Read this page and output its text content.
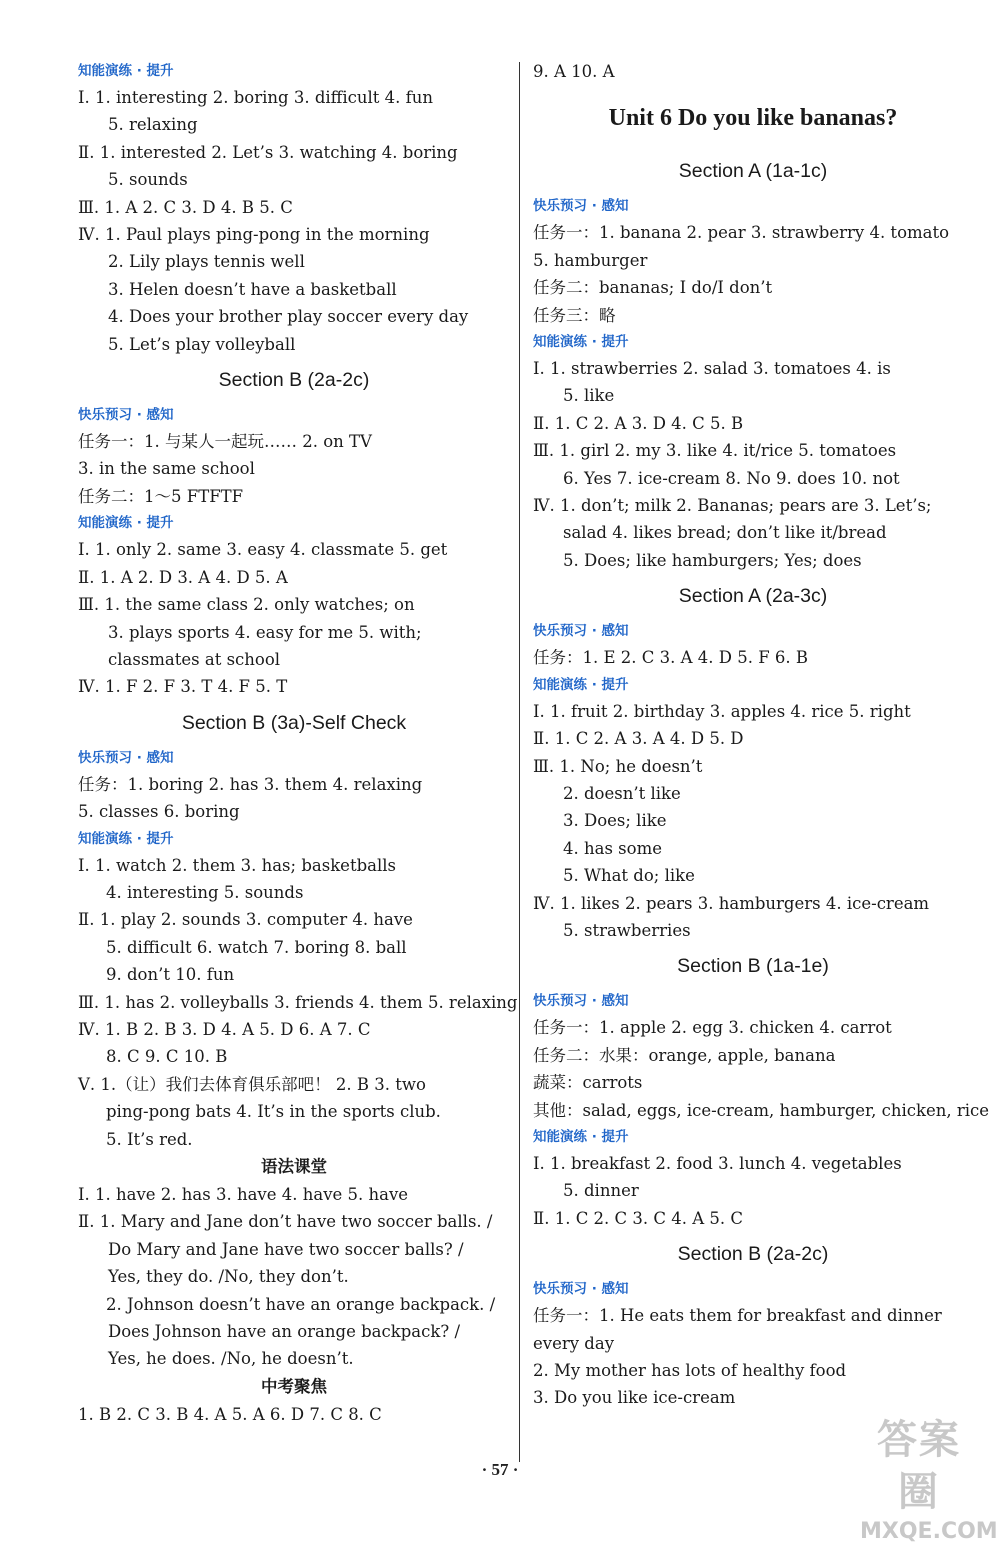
知能演练 · 提升
Ⅰ. 1. interesting 2. boring 3. difficult 4. fun
5. relaxing
Ⅱ. 1. interested 2. Let’s 3. watching 4. boring
5. sounds
Ⅲ. 1. A 2. C 3. D 4. B 5. C
Ⅳ. 1. Paul plays ping-pong in the morning
2. Lily plays tennis well
3. Helen doesn’t have a basketball
4. Does your brother play soccer every day
5. Let’s play volleyball
Section B (2a-2c)
快乐预习 · 感知
任务一：1. 与某人一起玩…… 2. on TV
3. in the same school
任务二：1～5 FTFTF
知能演练 · 提升
Ⅰ. 1. only 2. same 3. easy 4. classmate 5. get
Ⅱ. 1. A 2. D 3. A 4. D 5. A
Ⅲ. 1. the same class 2. only watches; on
3. plays sports 4. easy for me 5. with;
classmates at school
Ⅳ. 1. F 2. F 3. T 4. F 5. T
Section B (3a)-Self Check
快乐预习 · 感知
任务：1. boring 2. has 3. them 4. relaxing
5. classes 6. boring
知能演练 · 提升
Ⅰ. 1. watch 2. them 3. has; basketballs
4. interesting 5. sounds
Ⅱ. 1. play 2. sounds 3. computer 4. have
5. difficult 6. watch 7. boring 8. ball
9. don’t 10. fun
Ⅲ. 1. has 2. volleyballs 3. friends 4. them 5. relaxing
Ⅳ. 1. B 2. B 3. D 4. A 5. D 6. A 7. C
8. C 9. C 10. B
Ⅴ. 1.（让）我们去体育俱乐部吧！ 2. B 3. two
ping-pong bats 4. It’s in the sports club.
5. It’s red.
语法课堂
Ⅰ. 1. have 2. has 3. have 4. have 5. have
Ⅱ. 1. Mary and Jane don’t have two soccer balls. /
Do Mary and Jane have two soccer balls? /
Yes, they do. /No, they don’t.
2. Johnson doesn’t have an orange backpack. /
Does Johnson have an orange backpack? /
Yes, he does. /No, he doesn’t.
中考聚焦
1. B 2. C 3. B 4. A 5. A 6. D 7. C 8. C
9. A 10. A
Unit 6 Do you like bananas?
Section A (1a-1c)
快乐预习 · 感知
任务一：1. banana 2. pear 3. strawberry 4. tomato
5. hamburger
任务二：bananas; I do/I don’t
任务三：略
知能演练 · 提升
Ⅰ. 1. strawberries 2. salad 3. tomatoes 4. is
5. like
Ⅱ. 1. C 2. A 3. D 4. C 5. B
Ⅲ. 1. girl 2. my 3. like 4. it/rice 5. tomatoes
6. Yes 7. ice-cream 8. No 9. does 10. not
Ⅳ. 1. don’t; milk 2. Bananas; pears are 3. Let’s;
salad 4. likes bread; don’t like it/bread
5. Does; like hamburgers; Yes; does
Section A (2a-3c)
快乐预习 · 感知
任务：1. E 2. C 3. A 4. D 5. F 6. B
知能演练 · 提升
Ⅰ. 1. fruit 2. birthday 3. apples 4. rice 5. right
Ⅱ. 1. C 2. A 3. A 4. D 5. D
Ⅲ. 1. No; he doesn’t
2. doesn’t like
3. Does; like
4. has some
5. What do; like
Ⅳ. 1. likes 2. pears 3. hamburgers 4. ice-cream
5. strawberries
Section B (1a-1e)
快乐预习 · 感知
任务一：1. apple 2. egg 3. chicken 4. carrot
任务二：水果：orange, apple, banana
蔬菜：carrots
其他：salad, eggs, ice-cream, hamburger, chicken, rice
知能演练 · 提升
Ⅰ. 1. breakfast 2. food 3. lunch 4. vegetables
5. dinner
Ⅱ. 1. C 2. C 3. C 4. A 5. C
Section B (2a-2c)
快乐预习 · 感知
任务一：1. He eats them for breakfast and dinner
every day
2. My mother has lots of healthy food
3. Do you like ice-cream
· 57 ·
答案圈
MXQE.COM
